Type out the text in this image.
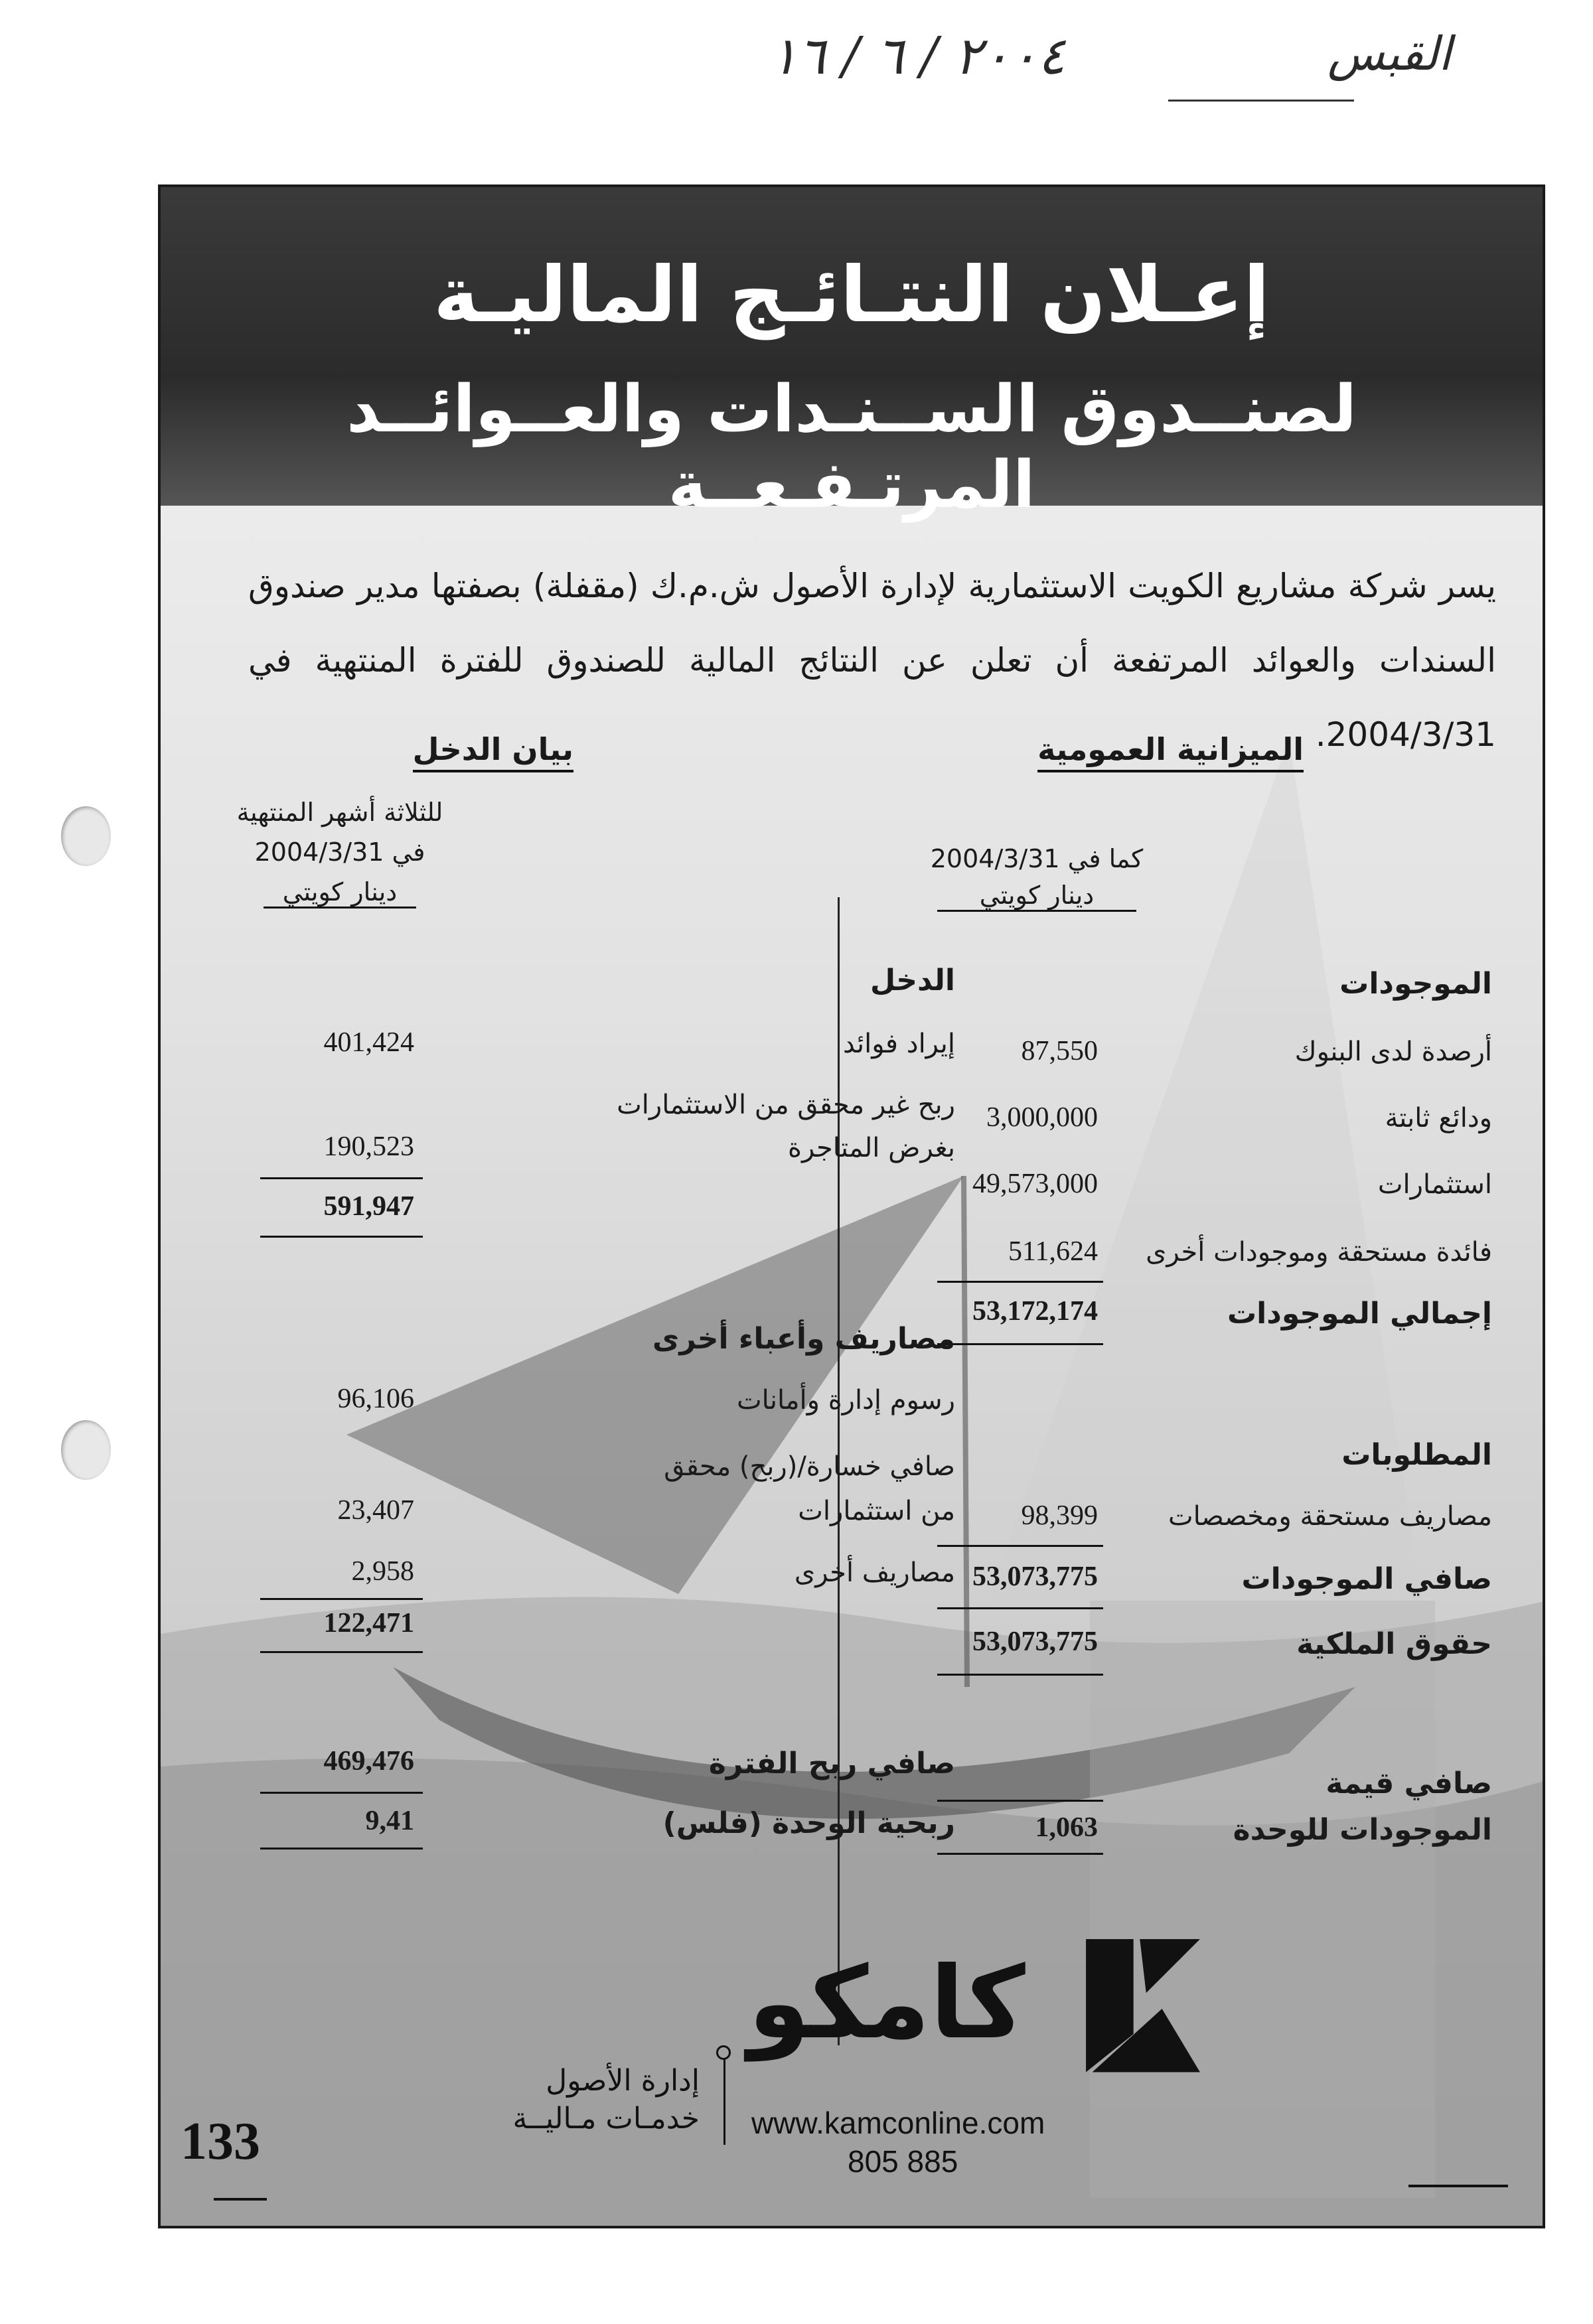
٢٠٠٤ / ٦ / ١٦	القبس
إعـلان النتـائـج الماليـة
لصنــدوق الســنـدات والعــوائــد المرتـفـعــة
يسر شركة مشاريع الكويت الاستثمارية لإدارة الأصول ش.م.ك (مقفلة) بصفتها مدير صندوق السندات والعوائد المرتفعة أن تعلن عن النتائج المالية للصندوق للفترة المنتهية في 2004/3/31.
الميزانية العمومية
كما في 2004/3/31
دينار كويتي
الموجودات
أرصدة لدى البنوك
87,550
ودائع ثابتة
3,000,000
استثمارات
49,573,000
فائدة مستحقة وموجودات أخرى
511,624
إجمالي الموجودات
53,172,174
المطلوبات
مصاريف مستحقة ومخصصات
98,399
صافي الموجودات
53,073,775
حقوق الملكية
53,073,775
صافي قيمة
الموجودات للوحدة
1,063
بيان الدخل
للثلاثة أشهر المنتهية
في 2004/3/31
دينار كويتي
الدخل
إيراد فوائد
401,424
ربح غير محقق من الاستثمارات
بغرض المتاجرة
190,523
591,947
مصاريف وأعباء أخرى
رسوم إدارة وأمانات
96,106
صافي خسارة/(ربح) محقق
من استثمارات
23,407
مصاريف أخرى
2,958
122,471
صافي ربح الفترة
469,476
ربحية الوحدة (فلس)
9,41
كامكو
www.kamconline.com
805 885
إدارة الأصول
خدمـات مـاليــة
133
